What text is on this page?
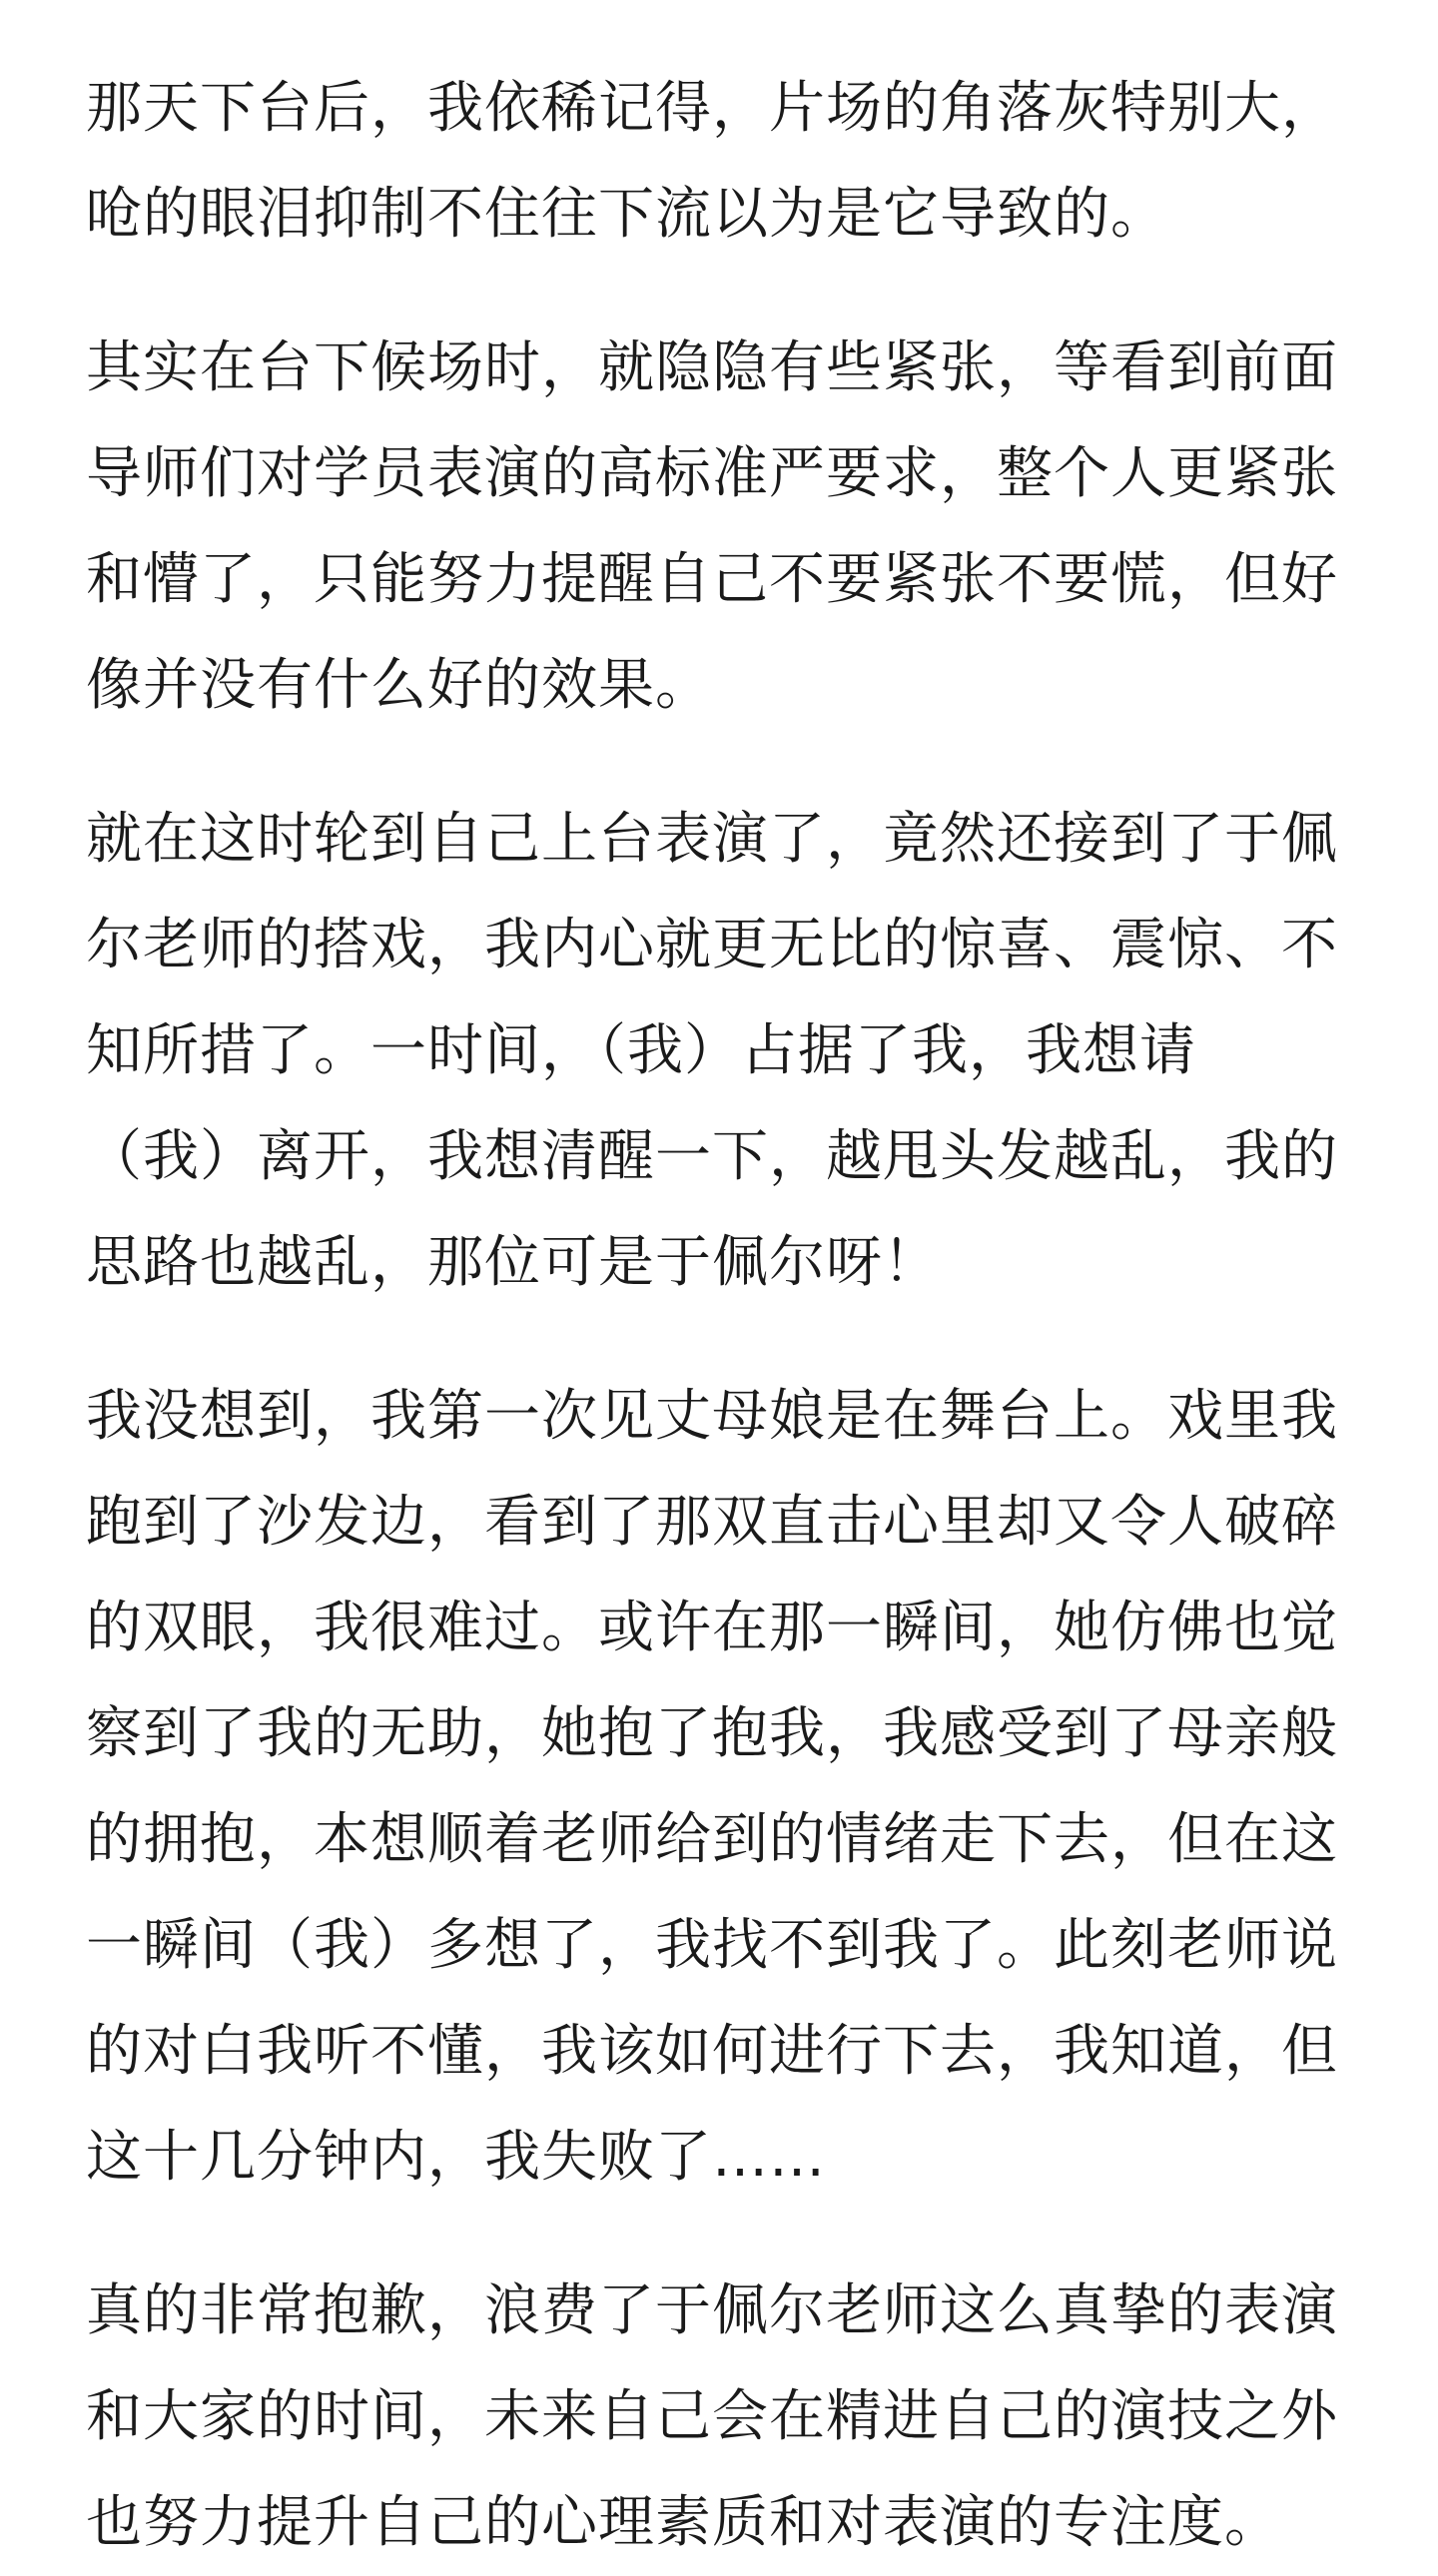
那天下台后，我依稀记得，片场的角落灰特别大，
呛的眼泪抑制不住往下流以为是它导致的。
其实在台下候场时，就隐隐有些紧张，等看到前面
导师们对学员表演的高标准严要求，整个人更紧张
和懵了，只能努力提醒自己不要紧张不要慌，但好
像并没有什么好的效果。
就在这时轮到自己上台表演了，竟然还接到了于佩
尔老师的搭戏，我内心就更无比的惊喜、震惊、不
知所措了。一时间，（我）占据了我，我想请
（我）离开，我想清醒一下，越甩头发越乱，我的
思路也越乱，那位可是于佩尔呀！
我没想到，我第一次见丈母娘是在舞台上。戏里我
跑到了沙发边，看到了那双直击心里却又令人破碎
的双眼，我很难过。或许在那一瞬间，她仿佛也觉
察到了我的无助，她抱了抱我，我感受到了母亲般
的拥抱，本想顺着老师给到的情绪走下去，但在这
一瞬间（我）多想了，我找不到我了。此刻老师说
的对白我听不懂，我该如何进行下去，我知道，但
这十几分钟内，我失败了……
真的非常抱歉，浪费了于佩尔老师这么真挚的表演
和大家的时间，未来自己会在精进自己的演技之外
也努力提升自己的心理素质和对表演的专注度。
